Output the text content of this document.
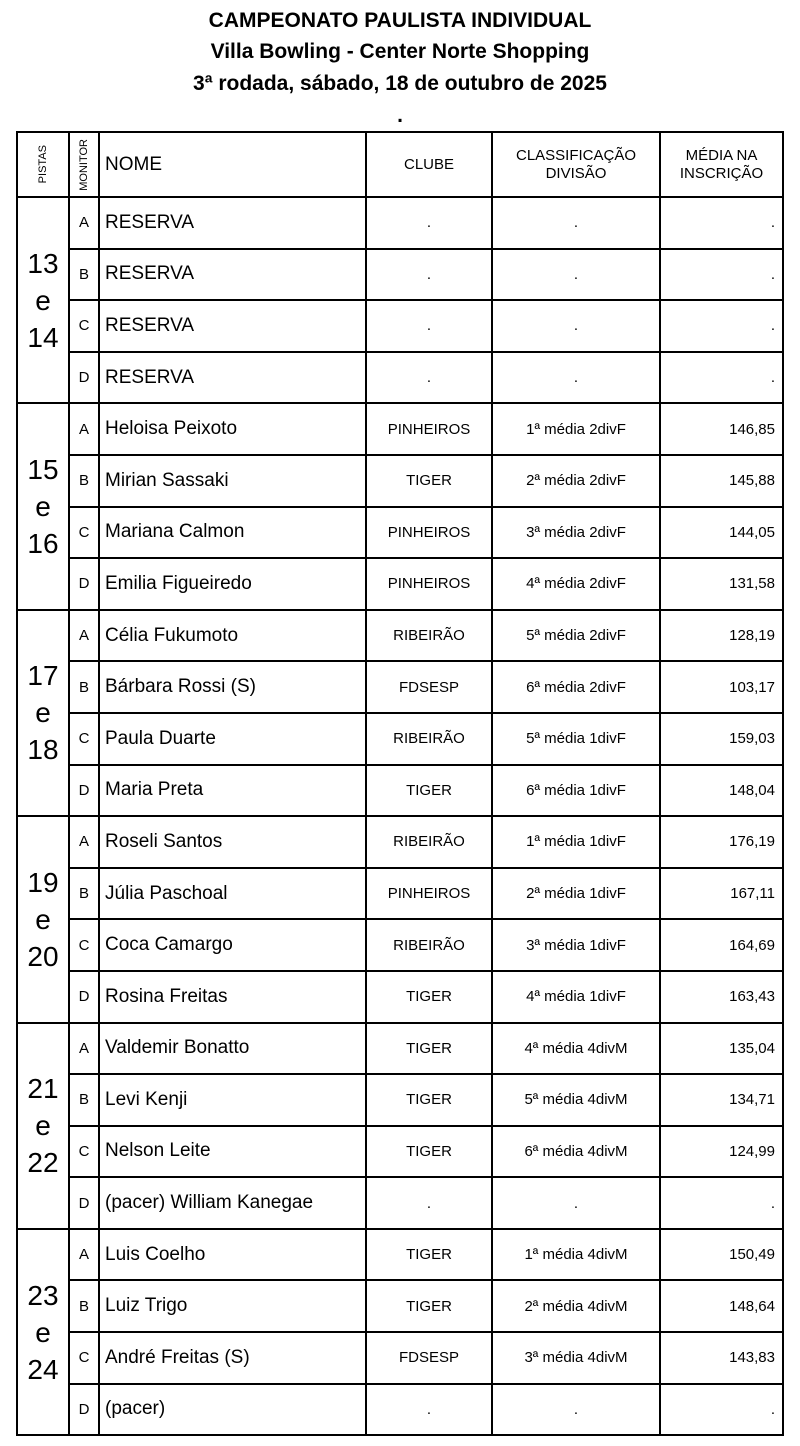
CAMPEONATO PAULISTA INDIVIDUAL
Villa Bowling - Center Norte Shopping
3ª rodada, sábado, 18 de outubro de 2025
.
PISTAS	MONITOR	NOME	CLUBE	CLASSIFICAÇÃO DIVISÃO	MÉDIA NA INSCRIÇÃO

13
e
14	A	RESERVA	.	.	.
	B	RESERVA	.	.	.
	C	RESERVA	.	.	.
	D	RESERVA	.	.	.

15
e
16	A	Heloisa Peixoto	PINHEIROS	1ª média 2divF	146,85
	B	Mirian Sassaki	TIGER	2ª média 2divF	145,88
	C	Mariana Calmon	PINHEIROS	3ª média 2divF	144,05
	D	Emilia Figueiredo	PINHEIROS	4ª média 2divF	131,58

17
e
18	A	Célia Fukumoto	RIBEIRÃO	5ª média 2divF	128,19
	B	Bárbara Rossi (S)	FDSESP	6ª média 2divF	103,17
	C	Paula Duarte	RIBEIRÃO	5ª média 1divF	159,03
	D	Maria Preta	TIGER	6ª média 1divF	148,04

19
e
20	A	Roseli Santos	RIBEIRÃO	1ª média 1divF	176,19
	B	Júlia Paschoal	PINHEIROS	2ª média 1divF	167,11
	C	Coca Camargo	RIBEIRÃO	3ª média 1divF	164,69
	D	Rosina Freitas	TIGER	4ª média 1divF	163,43

21
e
22	A	Valdemir Bonatto	TIGER	4ª média 4divM	135,04
	B	Levi Kenji	TIGER	5ª média 4divM	134,71
	C	Nelson Leite	TIGER	6ª média 4divM	124,99
	D	(pacer) William Kanegae	.	.	.

23
e
24	A	Luis Coelho	TIGER	1ª média 4divM	150,49
	B	Luiz Trigo	TIGER	2ª média 4divM	148,64
	C	André Freitas (S)	FDSESP	3ª média 4divM	143,83
	D	(pacer)	.	.	.
